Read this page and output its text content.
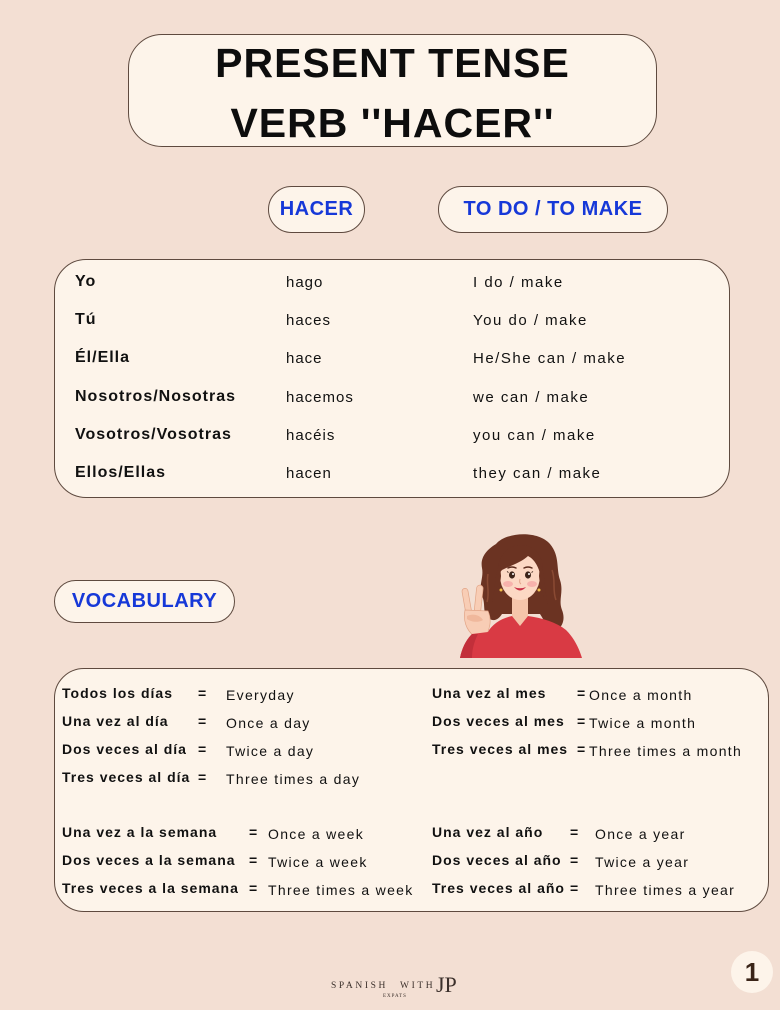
PRESENT TENSE
VERB ''HACER''
HACER	TO DO / TO MAKE
Yo	hago	I do / make
Tú	haces	You do / make
Él/Ella	hace	He/She can / make
Nosotros/Nosotras	hacemos	we can / make
Vosotros/Vosotras	hacéis	you can / make
Ellos/Ellas	hacen	they can / make
VOCABULARY
Todos los días	=	Everyday
Una vez al día	=	Once a day
Dos veces al día =	Twice a day
Tres veces al día =	Three times a day
Una vez a la semana	= Once a week
Dos veces a la semana = Twice a week
Tres veces a la semana = Three times a week
Una vez al mes	= Once a month
Dos veces al mes = Twice a month
Tres veces al mes = Three times a month
Una vez al año	=	Once a year
Dos veces al año =	Twice a year
Tres veces al año =	Three times a year
SPANISH WITH JP
EXPATS
1
